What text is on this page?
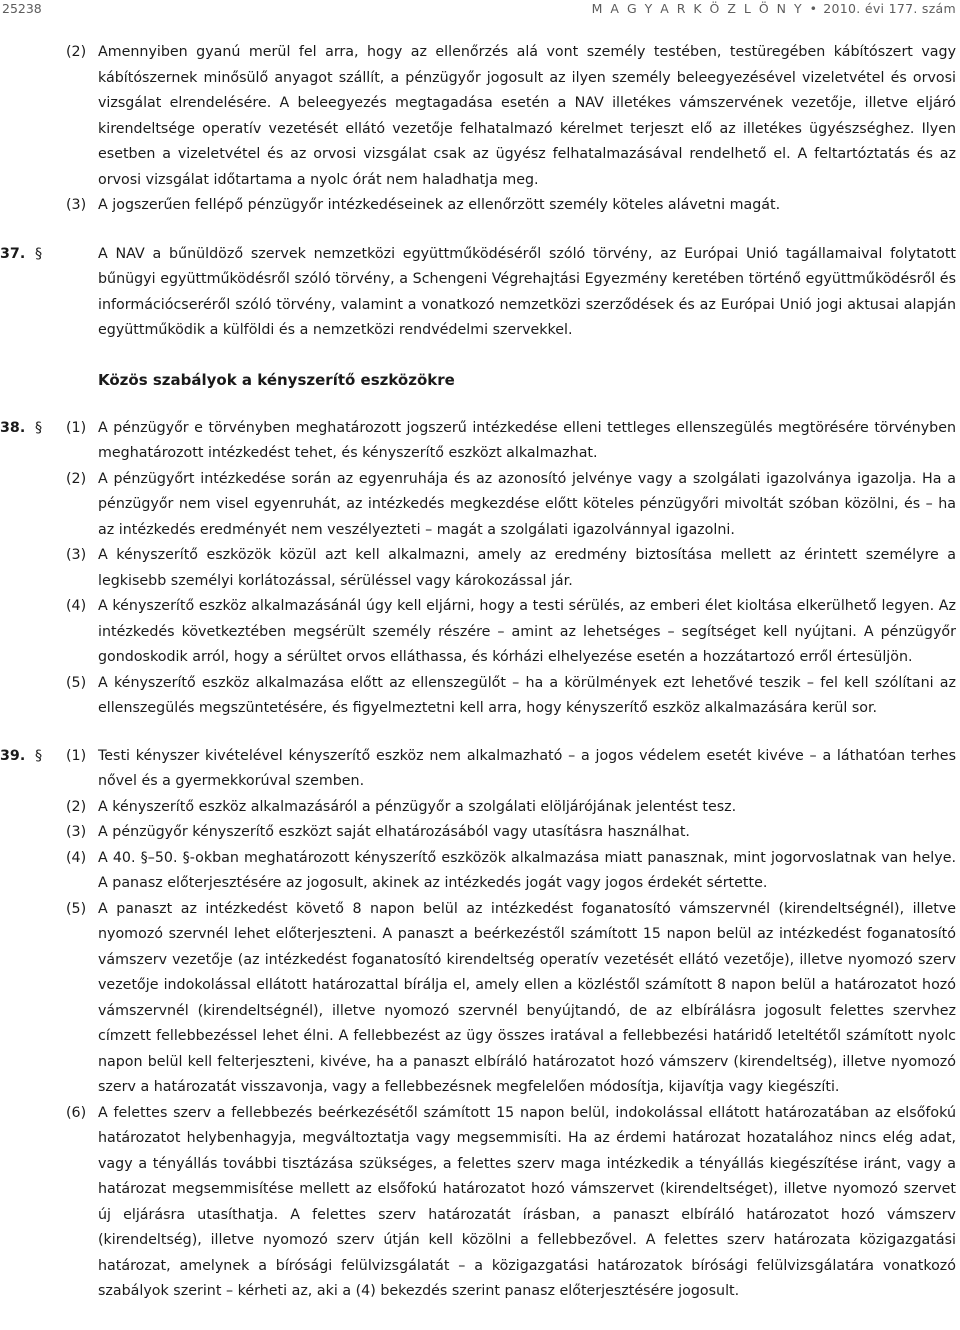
25238	M A G Y A R K Ö Z L Ö N Y • 2010. évi 177. szám

(2) Amennyiben gyanú merül fel arra, hogy az ellenőrzés alá vont személy testében, testüregében kábítószert vagy kábítószernek minősülő anyagot szállít, a pénzügyőr jogosult az ilyen személy beleegyezésével vizeletvétel és orvosi vizsgálat elrendelésére. A beleegyezés megtagadása esetén a NAV illetékes vámszervének vezetője, illetve eljáró kirendeltsége operatív vezetését ellátó vezetője felhatalmazó kérelmet terjeszt elő az illetékes ügyészséghez. Ilyen esetben a vizeletvétel és az orvosi vizsgálat csak az ügyész felhatalmazásával rendelhető el. A feltartóztatás és az orvosi vizsgálat időtartama a nyolc órát nem haladhatja meg.

(3) A jogszerűen fellépő pénzügyőr intézkedéseinek az ellenőrzött személy köteles alávetni magát.

37. §	A NAV a bűnüldöző szervek nemzetközi együttműködéséről szóló törvény, az Európai Unió tagállamaival folytatott bűnügyi együttműködésről szóló törvény, a Schengeni Végrehajtási Egyezmény keretében történő együttműködésről és információcseréről szóló törvény, valamint a vonatkozó nemzetközi szerződések és az Európai Unió jogi aktusai alapján együttműködik a külföldi és a nemzetközi rendvédelmi szervekkel.

Közös szabályok a kényszerítő eszközökre
38. § (1) A pénzügyőr e törvényben meghatározott jogszerű intézkedése elleni tettleges ellenszegülés megtörésére törvényben meghatározott intézkedést tehet, és kényszerítő eszközt alkalmazhat.

(2) A pénzügyőrt intézkedése során az egyenruhája és az azonosító jelvénye vagy a szolgálati igazolványa igazolja. Ha a pénzügyőr nem visel egyenruhát, az intézkedés megkezdése előtt köteles pénzügyőri mivoltát szóban közölni, és – ha az intézkedés eredményét nem veszélyezteti – magát a szolgálati igazolvánnyal igazolni.

(3) A kényszerítő eszközök közül azt kell alkalmazni, amely az eredmény biztosítása mellett az érintett személyre a legkisebb személyi korlátozással, sérüléssel vagy károkozással jár.

(4) A kényszerítő eszköz alkalmazásánál úgy kell eljárni, hogy a testi sérülés, az emberi élet kioltása elkerülhető legyen. Az intézkedés következtében megsérült személy részére – amint az lehetséges – segítséget kell nyújtani. A pénzügyőr gondoskodik arról, hogy a sérültet orvos elláthassa, és kórházi elhelyezése esetén a hozzátartozó erről értesüljön.

(5) A kényszerítő eszköz alkalmazása előtt az ellenszegülőt – ha a körülmények ezt lehetővé teszik – fel kell szólítani az ellenszegülés megszüntetésére, és figyelmeztetni kell arra, hogy kényszerítő eszköz alkalmazására kerül sor.

39. § (1) Testi kényszer kivételével kényszerítő eszköz nem alkalmazható – a jogos védelem esetét kivéve – a láthatóan terhes nővel és a gyermekkorúval szemben.

(2) A kényszerítő eszköz alkalmazásáról a pénzügyőr a szolgálati elöljárójának jelentést tesz.

(3) A pénzügyőr kényszerítő eszközt saját elhatározásából vagy utasításra használhat.

(4) A 40. §–50. §-okban meghatározott kényszerítő eszközök alkalmazása miatt panasznak, mint jogorvoslatnak van helye. A panasz előterjesztésére az jogosult, akinek az intézkedés jogát vagy jogos érdekét sértette.

(5) A panaszt az intézkedést követő 8 napon belül az intézkedést foganatosító vámszervnél (kirendeltségnél), illetve nyomozó szervnél lehet előterjeszteni. A panaszt a beérkezéstől számított 15 napon belül az intézkedést foganatosító vámszerv vezetője (az intézkedést foganatosító kirendeltség operatív vezetését ellátó vezetője), illetve nyomozó szerv vezetője indokolással ellátott határozattal bírálja el, amely ellen a közléstől számított 8 napon belül a határozatot hozó vámszervnél (kirendeltségnél), illetve nyomozó szervnél benyújtandó, de az elbírálásra jogosult felettes szervhez címzett fellebbezéssel lehet élni. A fellebbezést az ügy összes iratával a fellebbezési határidő leteltétől számított nyolc napon belül kell felterjeszteni, kivéve, ha a panaszt elbíráló határozatot hozó vámszerv (kirendeltség), illetve nyomozó szerv a határozatát visszavonja, vagy a fellebbezésnek megfelelően módosítja, kijavítja vagy kiegészíti.

(6) A felettes szerv a fellebbezés beérkezésétől számított 15 napon belül, indokolással ellátott határozatában az elsőfokú határozatot helybenhagyja, megváltoztatja vagy megsemmisíti. Ha az érdemi határozat hozatalához nincs elég adat, vagy a tényállás további tisztázása szükséges, a felettes szerv maga intézkedik a tényállás kiegészítése iránt, vagy a határozat megsemmisítése mellett az elsőfokú határozatot hozó vámszervet (kirendeltséget), illetve nyomozó szervet új eljárásra utasíthatja. A felettes szerv határozatát írásban, a panaszt elbíráló határozatot hozó vámszerv (kirendeltség), illetve nyomozó szerv útján kell közölni a fellebbezővel. A felettes szerv határozata közigazgatási határozat, amelynek a bírósági felülvizsgálatát – a közigazgatási határozatok bírósági felülvizsgálatára vonatkozó szabályok szerint – kérheti az, aki a (4) bekezdés szerint panasz előterjesztésére jogosult.
